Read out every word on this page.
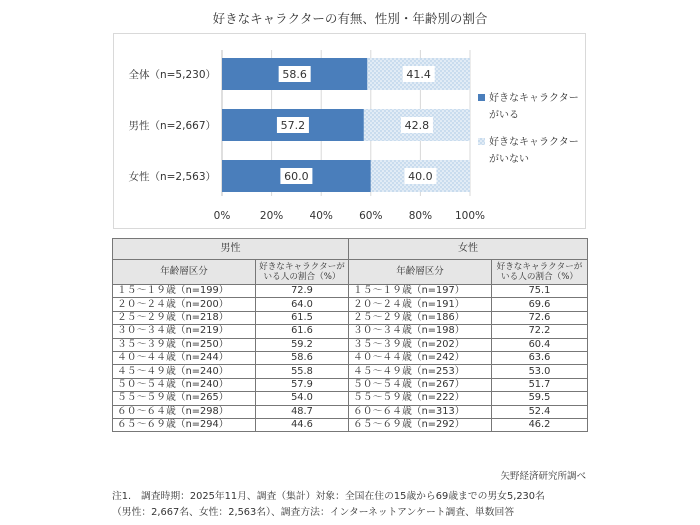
好きなキャラクターの有無、性別・年齢別の割合
58.6	41.4
57.2	42.8
60.0	40.0
全体（n=5,230）
男性（n=2,667）
女性（n=2,563）
0%	20%	40%	60%	80% 100%
好きなキャラクター
がいる
好きなキャラクター
がいない
男性		女性	
年齢層区分	好きなキャラクターがいる人の割合（%）	年齢層区分	好きなキャラクターがいる人の割合（%）
１５～１９歳（n=199）	72.9	１５～１９歳（n=197）	75.1
２０～２４歳（n=200）	64.0	２０～２４歳（n=191）	69.6
２５～２９歳（n=218）	61.5	２５～２９歳（n=186）	72.6
３０～３４歳（n=219）	61.6	３０～３４歳（n=198）	72.2
３５～３９歳（n=250）	59.2	３５～３９歳（n=202）	60.4
４０～４４歳（n=244）	58.6	４０～４４歳（n=242）	63.6
４５～４９歳（n=240）	55.8	４５～４９歳（n=253）	53.0
５０～５４歳（n=240）	57.9	５０～５４歳（n=267）	51.7
５５～５９歳（n=265）	54.0	５５～５９歳（n=222）	59.5
６０～６４歳（n=298）	48.7	６０～６４歳（n=313）	52.4
６５～６９歳（n=294）	44.6	６５～６９歳（n=292）	46.2
矢野経済研究所調べ
注1.　調査時期：2025年11月、調査（集計）対象：全国在住の15歳から69歳までの男女5,230名
（男性：2,667名、女性：2,563名）、調査方法：インターネットアンケート調査、単数回答
